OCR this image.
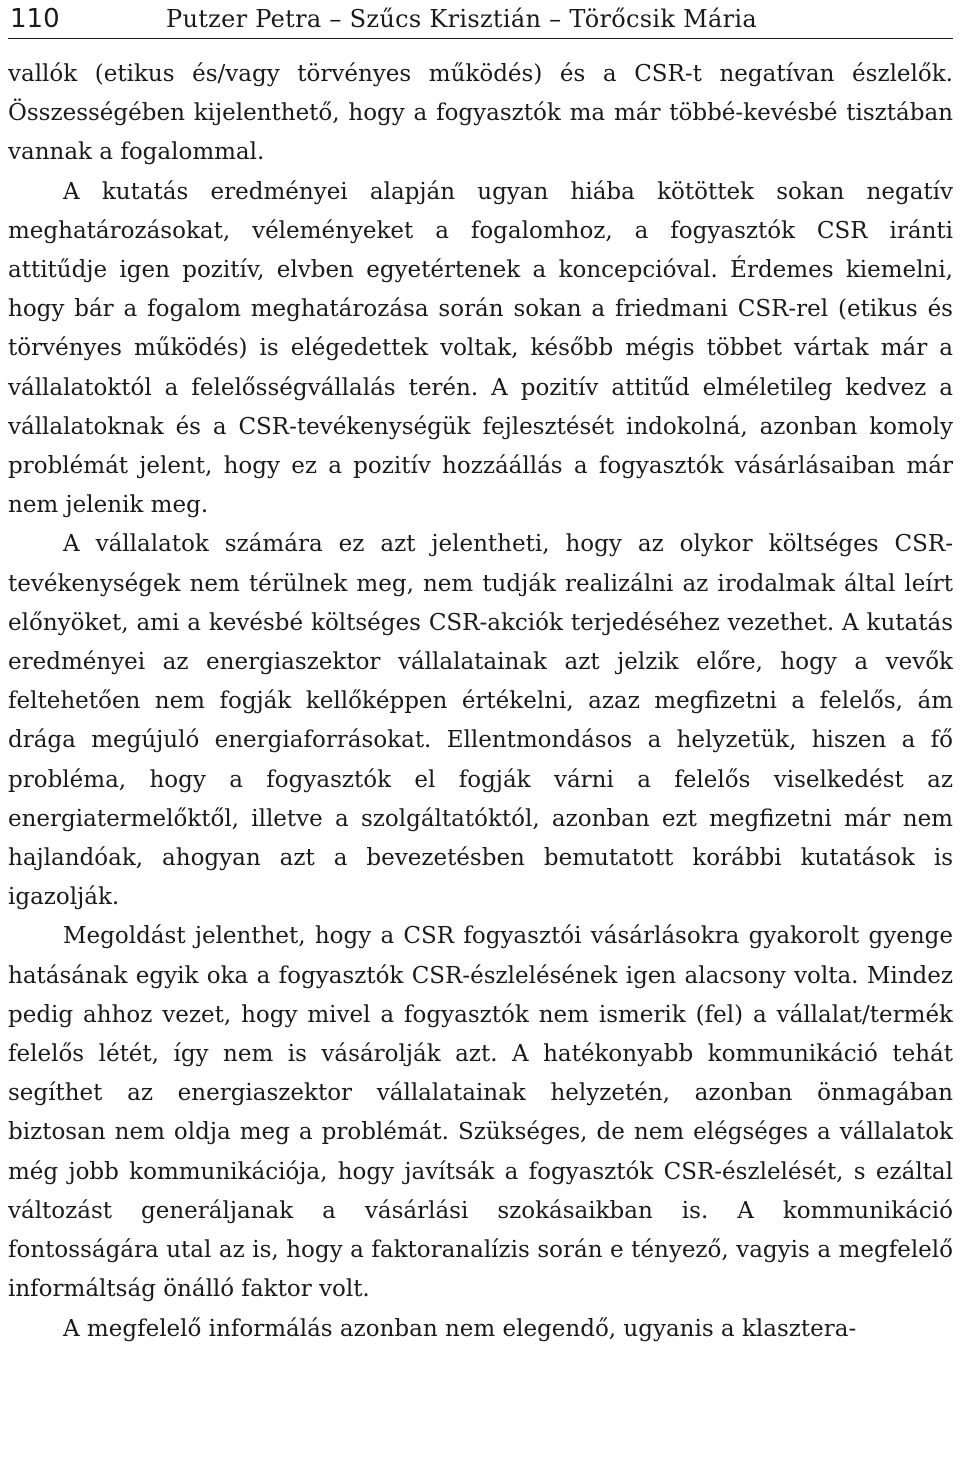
110	Putzer Petra – Szűcs Krisztián – Törőcsik Mária

vallók (etikus és/vagy törvényes működés) és a CSR-t negatívan észlelők. Összességében kijelenthető, hogy a fogyasztók ma már többé-kevésbé tisztában vannak a fogalommal.

A kutatás eredményei alapján ugyan hiába kötöttek sokan negatív meghatározásokat, véleményeket a fogalomhoz, a fogyasztók CSR iránti attitűdje igen pozitív, elvben egyetértenek a koncepcióval. Érdemes kiemelni, hogy bár a fogalom meghatározása során sokan a friedmani CSR-rel (etikus és törvényes működés) is elégedettek voltak, később mégis többet vártak már a vállalatoktól a felelősségvállalás terén. A pozitív attitűd elméletileg kedvez a vállalatoknak és a CSR-tevékenységük fejlesztését indokolná, azonban komoly problémát jelent, hogy ez a pozitív hozzáállás a fogyasztók vásárlásaiban már nem jelenik meg.

A vállalatok számára ez azt jelentheti, hogy az olykor költséges CSR-tevékenységek nem térülnek meg, nem tudják realizálni az irodalmak által leírt előnyöket, ami a kevésbé költséges CSR-akciók terjedéséhez vezethet. A kutatás eredményei az energiaszektor vállalatainak azt jelzik előre, hogy a vevők feltehetően nem fogják kellőképpen értékelni, azaz megfizetni a felelős, ám drága megújuló energiaforrásokat. Ellentmondásos a helyzetük, hiszen a fő probléma, hogy a fogyasztók el fogják várni a felelős viselkedést az energiatermelőktől, illetve a szolgáltatóktól, azonban ezt megfizetni már nem hajlandóak, ahogyan azt a bevezetésben bemutatott korábbi kutatások is igazolják.

Megoldást jelenthet, hogy a CSR fogyasztói vásárlásokra gyakorolt gyenge hatásának egyik oka a fogyasztók CSR-észlelésének igen alacsony volta. Mindez pedig ahhoz vezet, hogy mivel a fogyasztók nem ismerik (fel) a vállalat/termék felelős létét, így nem is vásárolják azt. A hatékonyabb kommunikáció tehát segíthet az energiaszektor vállalatainak helyzetén, azonban önmagában biztosan nem oldja meg a problémát. Szükséges, de nem elégséges a vállalatok még jobb kommunikációja, hogy javítsák a fogyasztók CSR-észlelését, s ezáltal változást generáljanak a vásárlási szokásaikban is. A kommunikáció fontosságára utal az is, hogy a faktoranalízis során e tényező, vagyis a megfelelő informáltság önálló faktor volt.

A megfelelő informálás azonban nem elegendő, ugyanis a klasztera-
